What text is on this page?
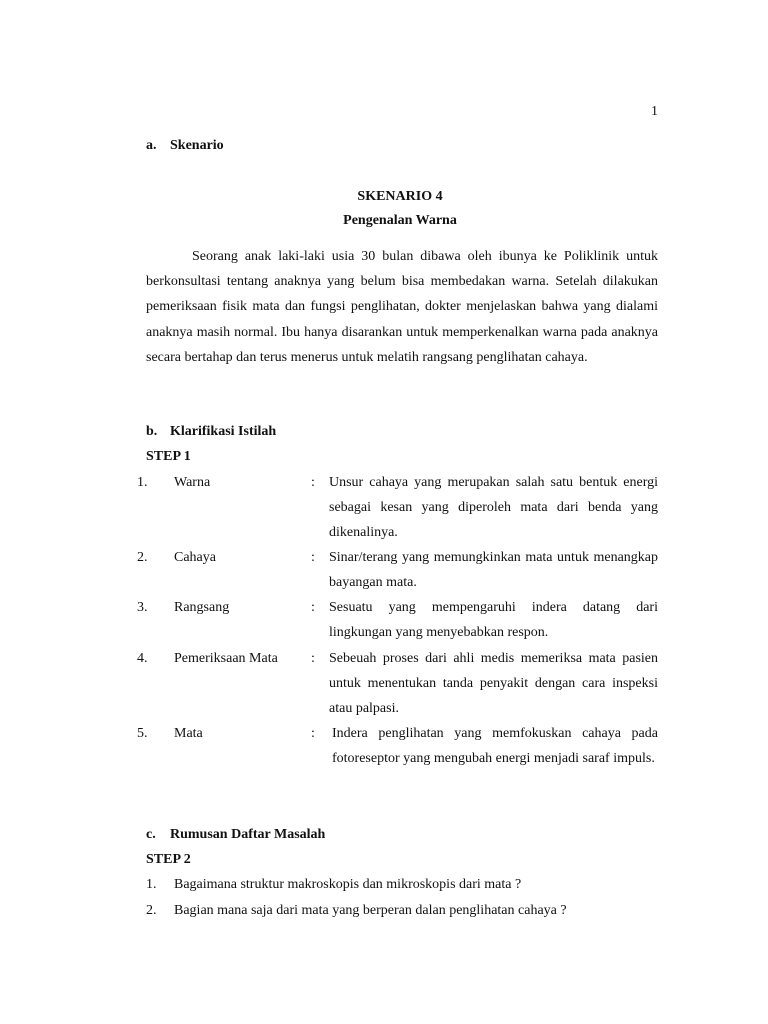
1
a. Skenario
SKENARIO 4
Pengenalan Warna
Seorang anak laki-laki usia 30 bulan dibawa oleh ibunya ke Poliklinik untuk berkonsultasi tentang anaknya yang belum bisa membedakan warna. Setelah dilakukan pemeriksaan fisik mata dan fungsi penglihatan, dokter menjelaskan bahwa yang dialami anaknya masih normal. Ibu hanya disarankan untuk memperkenalkan warna pada anaknya secara bertahap dan terus menerus untuk melatih rangsang penglihatan cahaya.
b. Klarifikasi Istilah
STEP 1
1. Warna	: Unsur cahaya yang merupakan salah satu bentuk energi sebagai kesan yang diperoleh mata dari benda yang dikenalinya.
2. Cahaya	: Sinar/terang yang memungkinkan mata untuk menangkap bayangan mata.
3. Rangsang	: Sesuatu yang mempengaruhi indera datang dari lingkungan yang menyebabkan respon.
4. Pemeriksaan Mata : Sebeuah proses dari ahli medis memeriksa mata pasien untuk menentukan tanda penyakit dengan cara inspeksi atau palpasi.
5. Mata	: Indera penglihatan yang memfokuskan cahaya pada fotoreseptor yang mengubah energi menjadi saraf impuls.
c. Rumusan Daftar Masalah
STEP 2
1. Bagaimana struktur makroskopis dan mikroskopis dari mata ?
2. Bagian mana saja dari mata yang berperan dalan penglihatan cahaya ?
